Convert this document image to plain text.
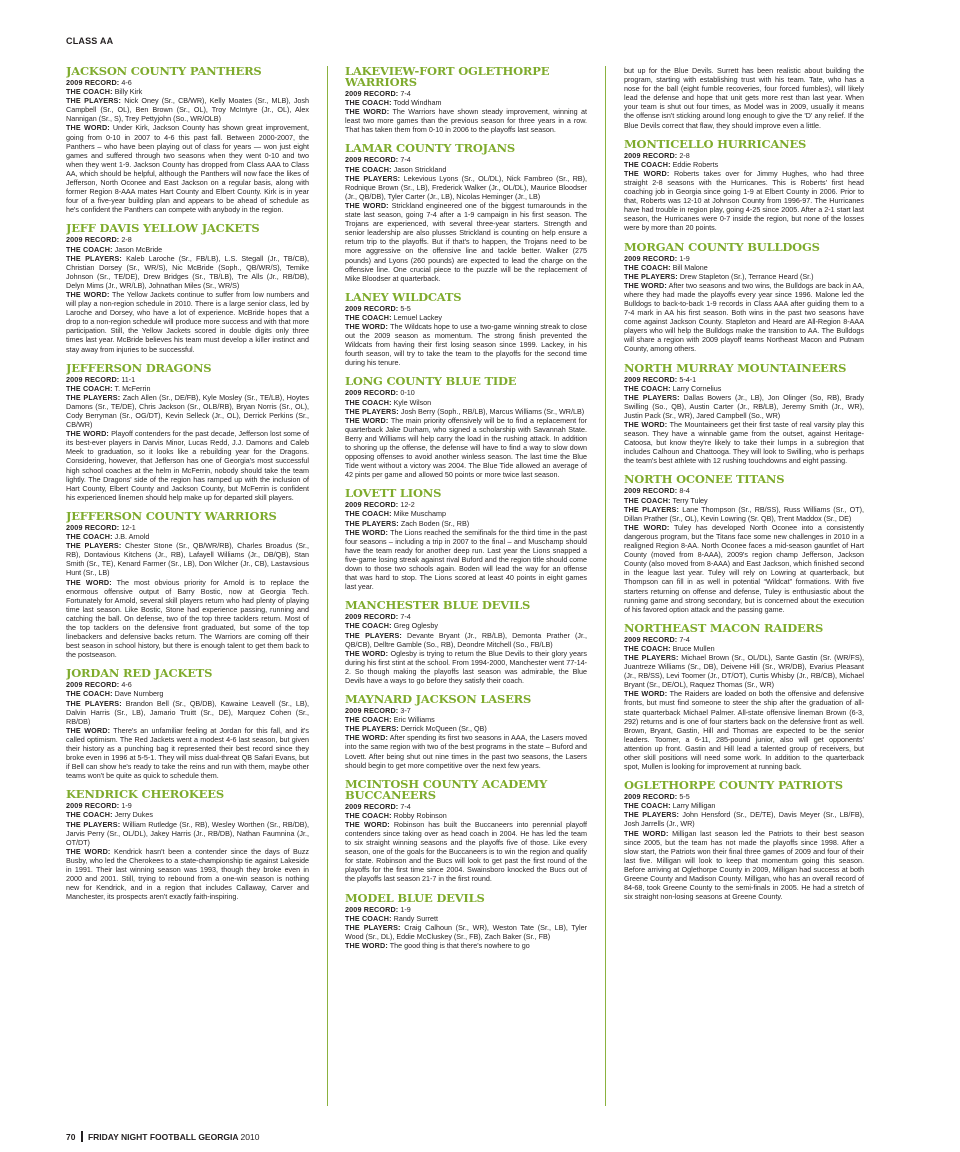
CLASS AA
JACKSON COUNTY PANTHERS
2009 RECORD: 4-6
THE COACH: Billy Kirk
THE PLAYERS: Nick Oney (Sr., CB/WR), Kelly Moates (Sr., MLB), Josh Campbell (Sr., OL), Ben Brown (Sr., OL), Troy McIntyre (Jr., OL), Alex Nannigan (Sr., S), Trey Pettyjohn (So., WR/OLB)
THE WORD: Under Kirk, Jackson County has shown great improvement, going from 0-10 in 2007 to 4-6 this past fall. Between 2000-2007, the Panthers – who have been playing out of class for years — won just eight games and suffered through two seasons when they went 0-10 and two when they went 1-9. Jackson County has dropped from Class AAA to Class AA, which should be helpful, although the Panthers will now face the likes of Jefferson, North Oconee and East Jackson on a regular basis, along with former Region 8-AAA mates Hart County and Elbert County. Kirk is in year four of a five-year building plan and appears to be ahead of schedule as he's confident the Panthers can compete with anybody in the region.
JEFF DAVIS YELLOW JACKETS
2009 RECORD: 2-8
THE COACH: Jason McBride
THE PLAYERS: Kaleb Laroche (Sr., FB/LB), L.S. Stegall (Jr., TB/CB), Christian Dorsey (Sr., WR/S), Nic McBride (Soph., QB/WR/S), Temike Johnson (Sr., TE/DE), Drew Bridges (Sr., TB/LB), Tre Alls (Jr., RB/DB), Delyn Mims (Jr., WR/LB), Johnathan Miles (Sr., WR/S)
THE WORD: The Yellow Jackets continue to suffer from low numbers and will play a non-region schedule in 2010. There is a large senior class, led by Laroche and Dorsey, who have a lot of experience. McBride hopes that a drop to a non-region schedule will produce more success and with that more participation. Still, the Yellow Jackets scored in double digits only three times last year. McBride believes his team must develop a killer instinct and stay away from injuries to be successful.
JEFFERSON DRAGONS
2009 RECORD: 11-1
THE COACH: T. McFerrin
THE PLAYERS: Zach Allen (Sr., DE/FB), Kyle Mosley (Sr., TE/LB), Hoytes Damons (Sr., TE/DE), Chris Jackson (Sr., OLB/RB), Bryan Norris (Sr., OL), Cody Berryman (Sr., OG/DT), Kevin Selleck (Jr., OL), Derrick Perkins (Sr., CB/WR)
THE WORD: Playoff contenders for the past decade, Jefferson lost some of its best-ever players in Darvis Minor, Lucas Redd, J.J. Damons and Caleb Meek to graduation, so it looks like a rebuilding year for the Dragons. Considering, however, that Jefferson has one of Georgia's most successful high school coaches at the helm in McFerrin, nobody should take the team lightly. The Dragons' side of the region has ramped up with the inclusion of Hart County, Elbert County and Jackson County, but McFerrin is confident his experienced linemen should help make up for departed skill players.
JEFFERSON COUNTY WARRIORS
2009 RECORD: 12-1
THE COACH: J.B. Arnold
THE PLAYERS: Chester Stone (Sr., QB/WR/RB), Charles Broadus (Sr., RB), Dontavious Kitchens (Jr., RB), Lafayell Williams (Jr., DB/QB), Stan Smith (Sr., TE), Kenard Farmer (Sr., LB), Don Wilcher (Jr., CB), Lastavsious Hunt (Sr., LB)
THE WORD: The most obvious priority for Arnold is to replace the enormous offensive output of Barry Bostic, now at Georgia Tech. Fortunately for Arnold, several skill players return who had plenty of playing time last season. Like Bostic, Stone had experience passing, running and catching the ball. On defense, two of the top three tacklers return. Most of the top tacklers on the defensive front graduated, but some of the top linebackers and defensive backs return. The Warriors are coming off their best season in school history, but there is enough talent to get them back to the postseason.
JORDAN RED JACKETS
2009 RECORD: 4-6
THE COACH: Dave Nurnberg
THE PLAYERS: Brandon Bell (Sr., QB/DB), Kawaine Leavell (Sr., LB), Dalvin Harris (Sr., LB), Jamario Truitt (Sr., DE), Marquez Cohen (Sr., RB/DB)
THE WORD: There's an unfamiliar feeling at Jordan for this fall, and it's called optimism. The Red Jackets went a modest 4-6 last season, but given their history as a punching bag it represented their best record since they broke even in 1996 at 5-5-1. They will miss dual-threat QB Safari Evans, but if Bell can show he's ready to take the reins and run with them, maybe other teams won't be quite as quick to schedule them.
KENDRICK CHEROKEES
2009 RECORD: 1-9
THE COACH: Jerry Dukes
THE PLAYERS: William Rutledge (Sr., RB), Wesley Worthen (Sr., RB/DB), Jarvis Perry (Sr., OL/DL), Jakey Harris (Jr., RB/DB), Nathan Faumnina (Jr., OT/DT)
THE WORD: Kendrick hasn't been a contender since the days of Buzz Busby, who led the Cherokees to a state-championship tie against Lakeside in 1991. Their last winning season was 1993, though they broke even in 2000 and 2001. Still, trying to rebound from a one-win season is nothing new for Kendrick, and in a region that includes Callaway, Carver and Manchester, its prospects aren't exactly faith-inspiring.
LAKEVIEW-FORT OGLETHORPE WARRIORS
2009 RECORD: 7-4
THE COACH: Todd Windham
THE WORD: The Warriors have shown steady improvement, winning at least two more games than the previous season for three years in a row. That has taken them from 0-10 in 2006 to the playoffs last season.
LAMAR COUNTY TROJANS
2009 RECORD: 7-4
THE COACH: Jason Strickland
THE PLAYERS: Lekevious Lyons (Sr., OL/DL), Nick Fambreo (Sr., RB), Rodnique Brown (Sr., LB), Frederick Walker (Jr., OL/DL), Maurice Bloodser (Jr., QB/DB), Tyler Carter (Jr., LB), Nicolas Heminger (Jr., LB)
THE WORD: Strickland engineered one of the biggest turnarounds in the state last season, going 7-4 after a 1-9 campaign in his first season. The Trojans are experienced, with several three-year starters. Strength and senior leadership are also plusses Strickland is counting on help ensure a return trip to the playoffs. But if that's to happen, the Trojans need to be more aggressive on the offensive line and tackle better. Walker (275 pounds) and Lyons (260 pounds) are expected to lead the charge on the offensive line. One crucial piece to the puzzle will be the replacement of Mike Bloodser at quarterback.
LANEY WILDCATS
2009 RECORD: 5-5
THE COACH: Lemuel Lackey
THE WORD: The Wildcats hope to use a two-game winning streak to close out the 2009 season as momentum. The strong finish prevented the Wildcats from having their first losing season since 1999. Lackey, in his fourth season, will try to take the team to the playoffs for the second time during his tenure.
LONG COUNTY BLUE TIDE
2009 RECORD: 0-10
THE COACH: Kyle Wilson
THE PLAYERS: Josh Berry (Soph., RB/LB), Marcus Williams (Sr., WR/LB)
THE WORD: The main priority offensively will be to find a replacement for quarterback Jake Durham, who signed a scholarship with Savannah State. Berry and Williams will help carry the load in the rushing attack. In addition to shoring up the offense, the defense will have to find a way to slow down opposing offenses to avoid another winless season. The last time the Blue Tide went without a victory was 2004. The Blue Tide allowed an average of 42 pints per game and allowed 50 points or more twice last season.
LOVETT LIONS
2009 RECORD: 12-2
THE COACH: Mike Muschamp
THE PLAYERS: Zach Boden (Sr., RB)
THE WORD: The Lions reached the semifinals for the third time in the past four seasons – including a trip in 2007 to the final – and Muschamp should have the team ready for another deep run. Last year the Lions snapped a five-game losing streak against rival Buford and the region title should come down to those two schools again. Boden will lead the way for an offense that was hard to stop. The Lions scored at least 40 points in eight games last year.
MANCHESTER BLUE DEVILS
2009 RECORD: 7-4
THE COACH: Greg Oglesby
THE PLAYERS: Devante Bryant (Jr., RB/LB), Demonta Prather (Jr., QB/CB), Delltre Gamble (So., RB), Deondre Mitchell (So., FB/LB)
THE WORD: Oglesby is trying to return the Blue Devils to their glory years during his first stint at the school. From 1994-2000, Manchester went 77-14-2. So though making the playoffs last season was admirable, the Blue Devils have a ways to go before they satisfy their coach.
MAYNARD JACKSON LASERS
2009 RECORD: 3-7
THE COACH: Eric Williams
THE PLAYERS: Derrick McQueen (Sr., QB)
THE WORD: After spending its first two seasons in AAA, the Lasers moved into the same region with two of the best programs in the state – Buford and Lovett. After being shut out nine times in the past two seasons, the Lasers should begin to get more competitive over the next few years.
MCINTOSH COUNTY ACADEMY BUCCANEERS
2009 RECORD: 7-4
THE COACH: Robby Robinson
THE WORD: Robinson has built the Buccaneers into perennial playoff contenders since taking over as head coach in 2004. He has led the team to six straight winning seasons and the playoffs five of those. Like every season, one of the goals for the Buccaneers is to win the region and qualify for state. Robinson and the Bucs will look to get past the first round of the playoffs for the first time since 2004. Swainsboro knocked the Bucs out of the playoffs last season 21-7 in the first round.
MODEL BLUE DEVILS
2009 RECORD: 1-9
THE COACH: Randy Surrett
THE PLAYERS: Craig Calhoun (Sr., WR), Weston Tate (Sr., LB), Tyler Wood (Sr., DL), Eddie McCluskey (Sr., FB), Zach Baker (Sr., FB)
THE WORD: The good thing is that there's nowhere to go
but up for the Blue Devils. Surrett has been realistic about building the program, starting with establishing trust with his team. Tate, who has a nose for the ball (eight fumble recoveries, four forced fumbles), will likely lead the defense and hope that unit gets more rest than last year. When your team is shut out four times, as Model was in 2009, usually it means the offense isn't sticking around long enough to give the 'D' any relief. If the Blue Devils correct that flaw, they should improve even a little.
MONTICELLO HURRICANES
2009 RECORD: 2-8
THE COACH: Eddie Roberts
THE WORD: Roberts takes over for Jimmy Hughes, who had three straight 2-8 seasons with the Hurricanes. This is Roberts' first head coaching job in Georgia since going 1-9 at Elbert County in 2006. Prior to that, Roberts was 12-10 at Johnson County from 1996-97. The Hurricanes have had trouble in region play, going 4-25 since 2005. After a 2-1 start last season, the Hurricanes were 0-7 inside the region, but none of the losses were by more than 20 points.
MORGAN COUNTY BULLDOGS
2009 RECORD: 1-9
THE COACH: Bill Malone
THE PLAYERS: Drew Stapleton (Sr.), Terrance Heard (Sr.)
THE WORD: After two seasons and two wins, the Bulldogs are back in AA, where they had made the playoffs every year since 1996. Malone led the Bulldogs to back-to-back 1-9 records in Class AAA after guiding them to a 7-4 mark in AA his first season. Both wins in the past two seasons have come against Jackson County. Stapleton and Heard are All-Region 8-AAA players who will help the Bulldogs make the transition to AA. The Bulldogs will share a region with 2009 playoff teams Northeast Macon and Putnam County, among others.
NORTH MURRAY MOUNTAINEERS
2009 RECORD: 5-4-1
THE COACH: Larry Cornelius
THE PLAYERS: Dallas Bowers (Jr., LB), Jon Olinger (So, RB), Brady Swilling (So., QB), Austin Carter (Jr., RB/LB), Jeremy Smith (Jr., WR), Justin Pack (Sr., WR), Jared Campbell (So., WR)
THE WORD: The Mountaineers get their first taste of real varsity play this season. They have a winnable game from the outset, against Heritage-Catoosa, but know they're likely to take their lumps in a subregion that includes Calhoun and Chattooga. They will look to Swilling, who is perhaps the team's best athlete with 12 rushing touchdowns and eight passing.
NORTH OCONEE TITANS
2009 RECORD: 8-4
THE COACH: Terry Tuley
THE PLAYERS: Lane Thompson (Sr., RB/SS), Russ Williams (Sr., OT), Dillan Prather (Sr., OL), Kevin Lowring (Sr. QB), Trent Maddox (Sr., DE)
THE WORD: Tuley has developed North Oconee into a consistently dangerous program, but the Titans face some new challenges in 2010 in a realigned Region 8-AA. North Oconee faces a mid-season gauntlet of Hart County (moved from 8-AAA), 2009's region champ Jefferson, Jackson County (also moved from 8-AAA) and East Jackson, which finished second in the league last year. Tuley will rely on Lowring at quarterback, but Thompson can fill in as well in potential “Wildcat” formations. With five starters returning on offense and defense, Tuley is enthusiastic about the running game and strong secondary, but is concerned about the execution of his favored option attack and the passing game.
NORTHEAST MACON RAIDERS
2009 RECORD: 7-4
THE COACH: Bruce Mullen
THE PLAYERS: Michael Brown (Sr., OL/DL), Sante Gastin (Sr. (WR/FS), Juantreze Williams (Sr., DB), Deivene Hill (Sr., WR/DB), Evarius Pleasant (Jr., RB/SS), Levi Toomer (Jr., DT/OT), Curtis Whisby (Jr., RB/CB), Michael Bryant (Sr., DE/OL), Raquez Thomas (Sr., WR)
THE WORD: The Raiders are loaded on both the offensive and defensive fronts, but must find someone to steer the ship after the graduation of all-state quarterback Michael Palmer. All-state offensive lineman Brown (6-3, 292) returns and is one of four starters back on the defensive front as well. Brown, Bryant, Gastin, Hill and Thomas are expected to be the senior leaders. Toomer, a 6-11, 285-pound junior, also will get opponents' attention up front. Gastin and Hill lead a talented group of receivers, but other skill positions will need some work. In addition to the quarterback spot, Mullen is looking for improvement at running back.
OGLETHORPE COUNTY PATRIOTS
2009 RECORD: 5-5
THE COACH: Larry Milligan
THE PLAYERS: John Hensford (Sr., DE/TE), Davis Meyer (Sr., LB/FB), Josh Jarrells (Jr., WR)
THE WORD: Milligan last season led the Patriots to their best season since 2005, but the team has not made the playoffs since 1998. After a slow start, the Patriots won their final three games of 2009 and four of their last five. Milligan will look to keep that momentum going this season. Before arriving at Oglethorpe County in 2009, Milligan had success at both Greene County and Madison County. Milligan, who has an overall record of 84-68, took Greene County to the semi-finals in 2005. He had a stretch of six straight non-losing seasons at Greene County.
70 FRIDAY NIGHT FOOTBALL GEORGIA 2010
